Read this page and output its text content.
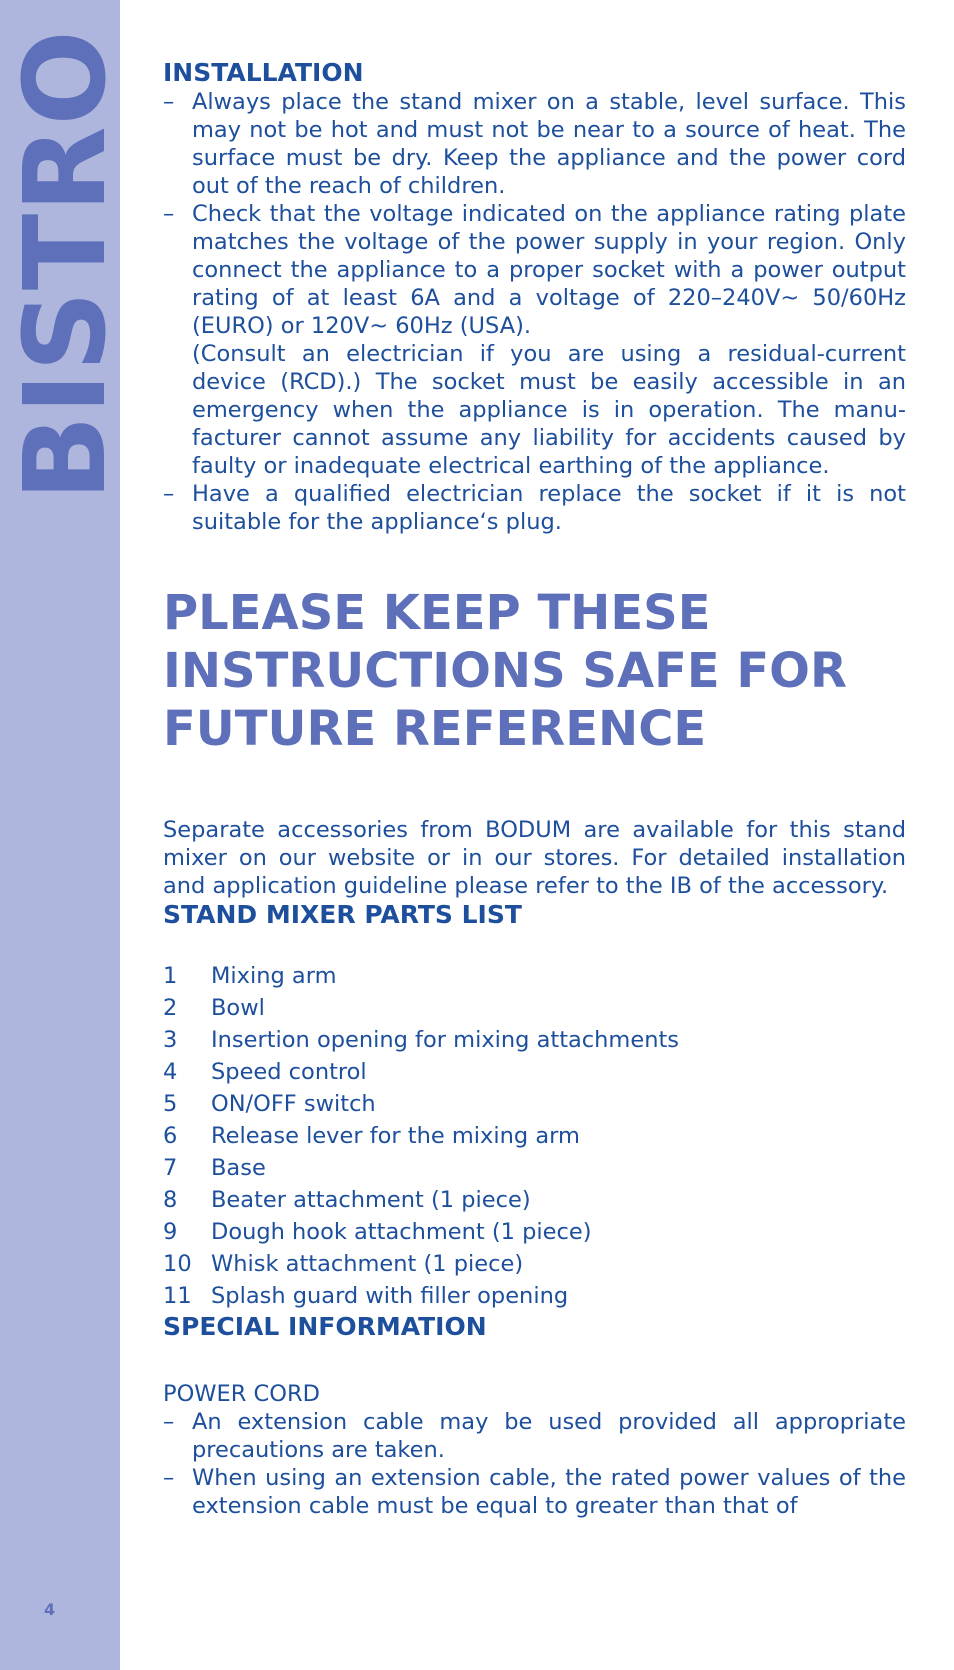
BISTRO
4
INSTALLATION
– Always place the stand mixer on a stable, level surface. This may not be hot and must not be near to a source of heat. The surface must be dry. Keep the appliance and the power cord out of the reach of children.
– Check that the voltage indicated on the appliance rating plate matches the voltage of the power supply in your region. Only connect the appliance to a proper socket with a power output rating of at least 6A and a voltage of 220–240V~ 50/60Hz (EURO) or 120V~ 60Hz (USA).
(Consult an electrician if you are using a residual-current device (RCD).) The socket must be easily accessible in an emergency when the appliance is in operation. The manu-facturer cannot assume any liability for accidents caused by faulty or inadequate electrical earthing of the appliance.
– Have a qualified electrician replace the socket if it is not suitable for the appliance‘s plug.
PLEASE KEEP THESE
INSTRUCTIONS SAFE FOR
FUTURE REFERENCE

Separate accessories from BODUM are available for this stand mixer on our website or in our stores. For detailed installation and application guideline please refer to the IB of the accessory.

STAND MIXER PARTS LIST
1	Mixing arm
2	Bowl
3	Insertion opening for mixing attachments
4	Speed control
5	ON/OFF switch
6	Release lever for the mixing arm
7	Base
8	Beater attachment (1 piece)
9	Dough hook attachment (1 piece)
10 Whisk attachment (1 piece)
11 Splash guard with filler opening
SPECIAL INFORMATION

POWER CORD

– An extension cable may be used provided all appropriate precautions are taken.
– When using an extension cable, the rated power values of the extension cable must be equal to greater than that of
